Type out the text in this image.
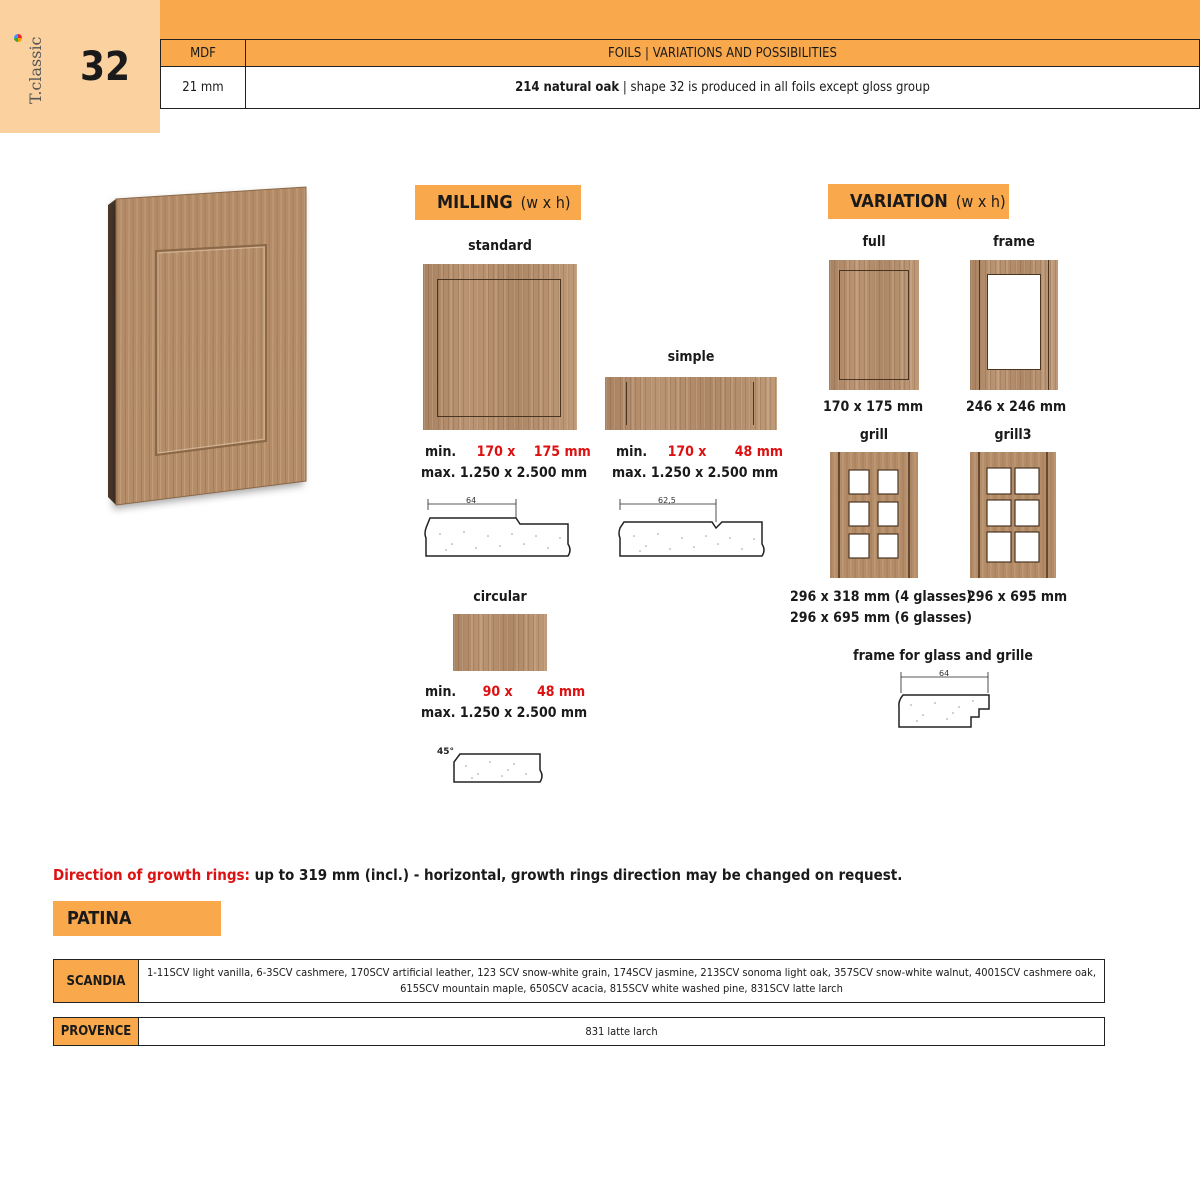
T.classic 32	MDF	FOILS | VARIATIONS AND POSSIBILITIES
21 mm	214 natural oak | shape 32 is produced in all foils except gloss group
MILLING (w x h)
standard
min. 170 x 175 mm
max. 1.250 x 2.500 mm
64
simple
min. 170 x 48 mm
max. 1.250 x 2.500 mm
62,5
circular
min. 90 x 48 mm
max. 1.250 x 2.500 mm
45°
VARIATION (w x h)
full
170 x 175 mm
frame
246 x 246 mm
grill
296 x 318 mm (4 glasses)
296 x 695 mm (6 glasses)
grill3
296 x 695 mm
frame for glass and grille
64
Direction of growth rings: up to 319 mm (incl.) - horizontal, growth rings direction may be changed on request.
PATINA
SCANDIA	1-11SCV light vanilla, 6-3SCV cashmere, 170SCV artificial leather, 123 SCV snow-white grain, 174SCV jasmine, 213SCV sonoma light oak, 357SCV snow-white walnut, 4001SCV cashmere oak, 615SCV mountain maple, 650SCV acacia, 815SCV white washed pine, 831SCV latte larch
PROVENCE	831 latte larch
